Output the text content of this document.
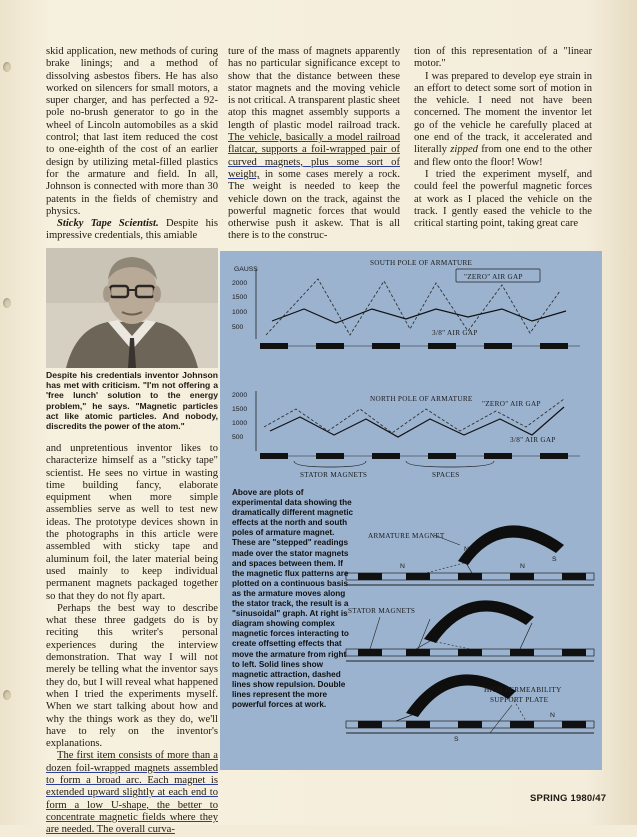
skid application, new methods of curing brake linings; and a method of dissolving asbestos fibers. He has also worked on silencers for small motors, a super charger, and has perfected a 92-pole no-brush generator to go in the wheel of Lincoln automobiles as a skid control; that last item reduced the cost to one-eighth of the cost of an earlier design by utilizing metal-filled plastics for the armature and field. In all, Johnson is connected with more than 30 patents in the fields of chemistry and physics.

Sticky Tape Scientist. Despite his impressive credentials, this amiable

ture of the mass of magnets apparently has no particular significance except to show that the distance between these stator magnets and the moving vehicle is not critical. A transparent plastic sheet atop this magnet assembly supports a length of plastic model railroad track. The vehicle, basically a model railroad flatcar, supports a foil-wrapped pair of curved magnets, plus some sort of weight, in some cases merely a rock. The weight is needed to keep the vehicle down on the track, against the powerful magnetic forces that would otherwise push it askew. That is all there is to the construc-

tion of this representation of a "linear motor."

I was prepared to develop eye strain in an effort to detect some sort of motion in the vehicle. I need not have been concerned. The moment the inventor let go of the vehicle he carefully placed at one end of the track, it accelerated and literally zipped from one end to the other and flew onto the floor! Wow!

I tried the experiment myself, and could feel the powerful magnetic forces at work as I placed the vehicle on the track. I gently eased the vehicle to the critical starting point, taking great care

Despite his credentials inventor Johnson has met with criticism. "I'm not offering a 'free lunch' solution to the energy problem," he says. "Magnetic particles act like atomic particles. And nobody, discredits the power of the atom."

and unpretentious inventor likes to characterize himself as a "sticky tape" scientist. He sees no virtue in wasting time building fancy, elaborate equipment when more simple assemblies serve as well to test new ideas. The prototype devices shown in the photographs in this article were assembled with sticky tape and aluminum foil, the later material being used mainly to keep individual permanent magnets packaged together so that they do not fly apart.

Perhaps the best way to describe what these three gadgets do is by reciting this writer's personal experiences during the interview demonstration. That way I will not merely be telling what the inventor says they do, but I will reveal what happened when I tried the experiments myself. When we start talking about how and why the things work as they do, we'll have to rely on the inventor's explanations.

The first item consists of more than a dozen foil-wrapped magnets assembled to form a broad arc. Each magnet is extended upward slightly at each end to form a low U-shape, the better to concentrate magnetic fields where they are needed. The overall curva-

SOUTH POLE OF ARMATURE
GAUSS
2000
1500
1000
500
"ZERO" AIR GAP
3/8" AIR GAP
NORTH POLE OF ARMATURE
2000
1500
1000
500
"ZERO" AIR GAP
3/8" AIR GAP
STATOR MAGNETS	SPACES
ARMATURE MAGNET
N
S
N	N
STATOR MAGNETS
N
S
HIGH PERMEABILITY SUPPORT PLATE
Above are plots of experimental data showing the dramatically different magnetic effects at the north and south poles of armature magnet. These are "stepped" readings made over the stator magnets and spaces between them. If the magnetic flux patterns are plotted on a continuous basis as the armature moves along the stator track, the result is a "sinusoidal" graph. At right is diagram showing complex magnetic forces interacting to create offsetting effects that move the armature from right to left. Solid lines show magnetic attraction, dashed lines show repulsion. Double lines represent the more powerful forces at work.
SPRING 1980/47
